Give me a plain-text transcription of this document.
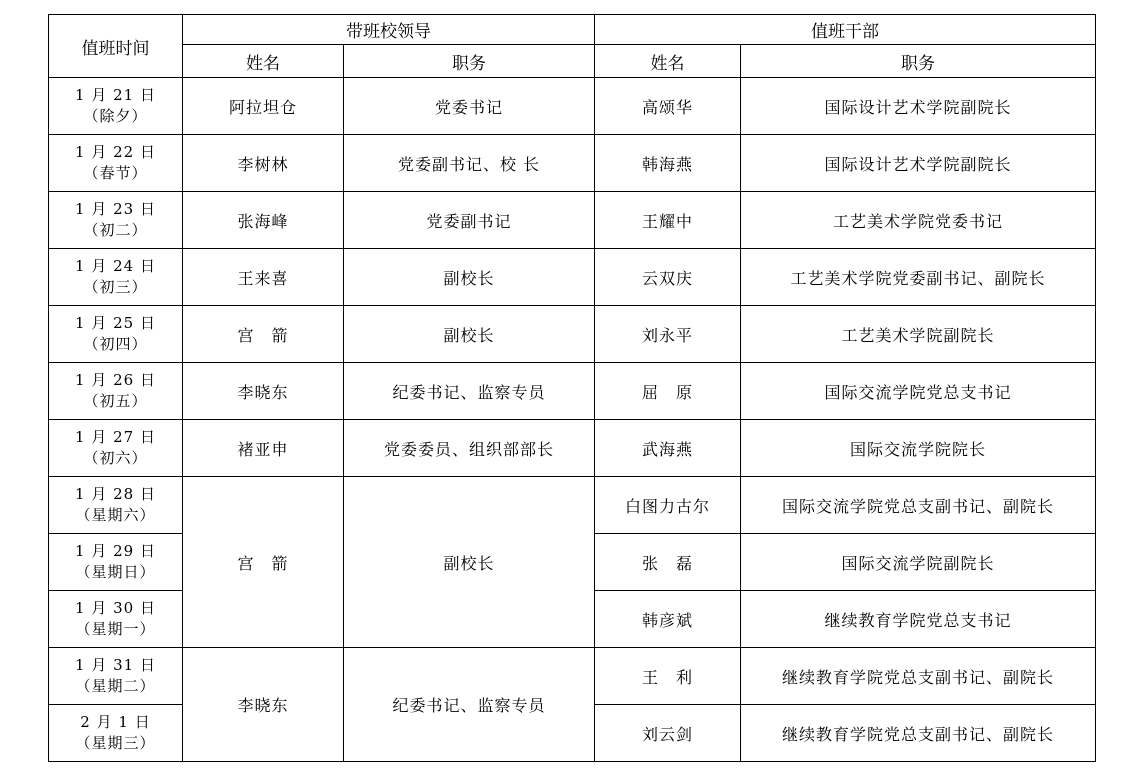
值班时间	带班校领导		值班干部	
	姓名	职务	姓名	职务

1 月 21 日
（除夕）	阿拉坦仓	党委书记	高颂华	国际设计艺术学院副院长

1 月 22 日
（春节）	李树林	党委副书记、校 长	韩海燕	国际设计艺术学院副院长

1 月 23 日
（初二）	张海峰	党委副书记	王耀中	工艺美术学院党委书记

1 月 24 日
（初三）	王来喜	副校长	云双庆	工艺美术学院党委副书记、副院长

1 月 25 日
（初四）	宫　箭	副校长	刘永平	工艺美术学院副院长

1 月 26 日
（初五）	李晓东	纪委书记、监察专员	屈　原	国际交流学院党总支书记

1 月 27 日
（初六）	褚亚申	党委委员、组织部部长	武海燕	国际交流学院院长

1 月 28 日
（星期六）	宫　箭	副校长	白图力古尔	国际交流学院党总支副书记、副院长

1 月 29 日
（星期日）			张　磊	国际交流学院副院长

1 月 30 日
（星期一）			韩彦斌	继续教育学院党总支书记

1 月 31 日
（星期二）	李晓东	纪委书记、监察专员	王　利	继续教育学院党总支副书记、副院长

2 月 1 日
（星期三）			刘云剑	继续教育学院党总支副书记、副院长
